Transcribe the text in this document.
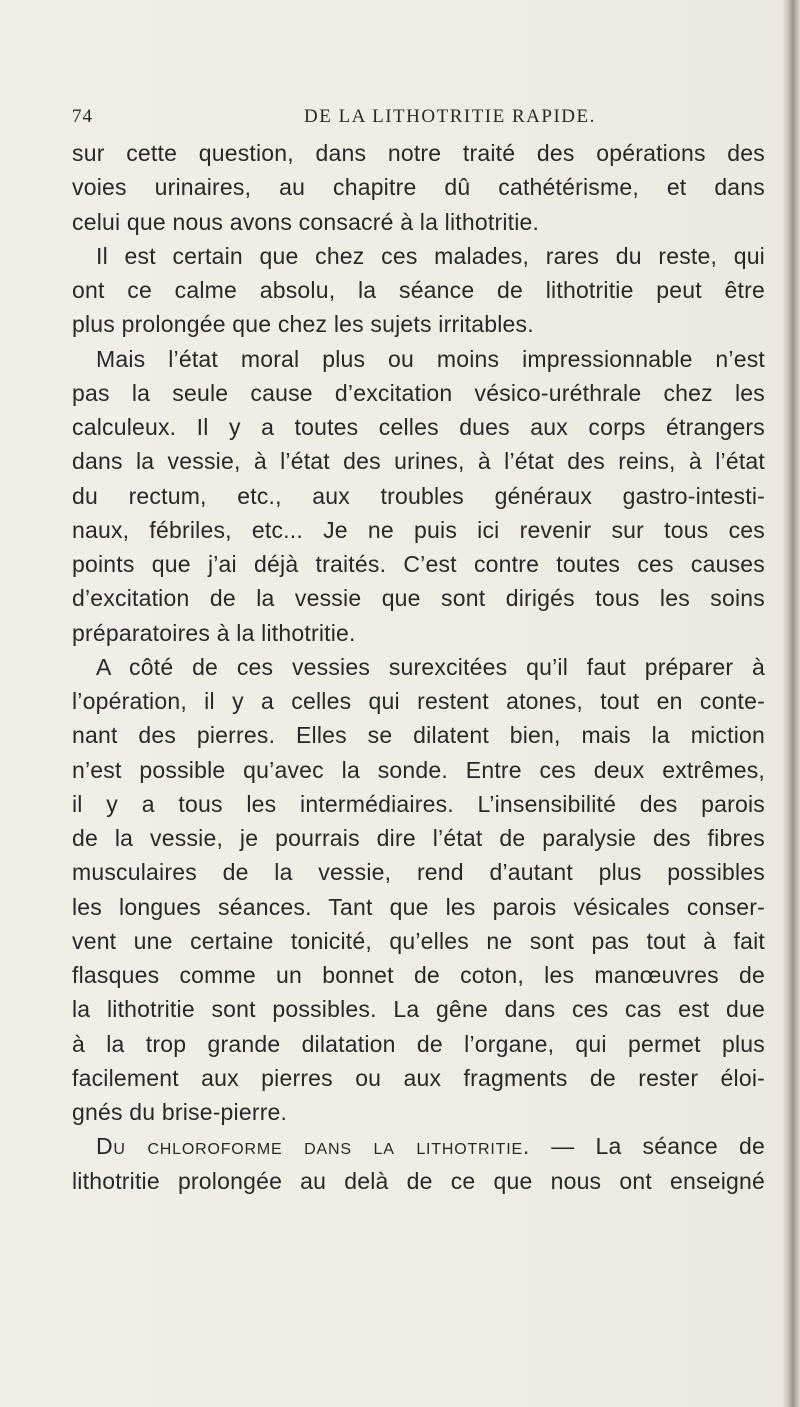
74	DE LA LITHOTRITIE RAPIDE.
sur cette question, dans notre traité des opérations des
voies urinaires, au chapitre dû cathétérisme, et dans
celui que nous avons consacré à la lithotritie.
Il est certain que chez ces malades, rares du reste, qui
ont ce calme absolu, la séance de lithotritie peut être
plus prolongée que chez les sujets irritables.
Mais l’état moral plus ou moins impressionnable n’est
pas la seule cause d’excitation vésico-uréthrale chez les
calculeux. Il y a toutes celles dues aux corps étrangers
dans la vessie, à l’état des urines, à l’état des reins, à l’état
du rectum, etc., aux troubles généraux gastro-intesti-
naux, fébriles, etc... Je ne puis ici revenir sur tous ces
points que j’ai déjà traités. C’est contre toutes ces causes
d’excitation de la vessie que sont dirigés tous les soins
préparatoires à la lithotritie.
A côté de ces vessies surexcitées qu’il faut préparer à
l’opération, il y a celles qui restent atones, tout en conte-
nant des pierres. Elles se dilatent bien, mais la miction
n’est possible qu’avec la sonde. Entre ces deux extrêmes,
il y a tous les intermédiaires. L’insensibilité des parois
de la vessie, je pourrais dire l’état de paralysie des fibres
musculaires de la vessie, rend d’autant plus possibles
les longues séances. Tant que les parois vésicales conser-
vent une certaine tonicité, qu’elles ne sont pas tout à fait
flasques comme un bonnet de coton, les manœuvres de
la lithotritie sont possibles. La gêne dans ces cas est due
à la trop grande dilatation de l’organe, qui permet plus
facilement aux pierres ou aux fragments de rester éloi-
gnés du brise-pierre.
Du chloroforme dans la lithotritie. — La séance de
lithotritie prolongée au delà de ce que nous ont enseigné
